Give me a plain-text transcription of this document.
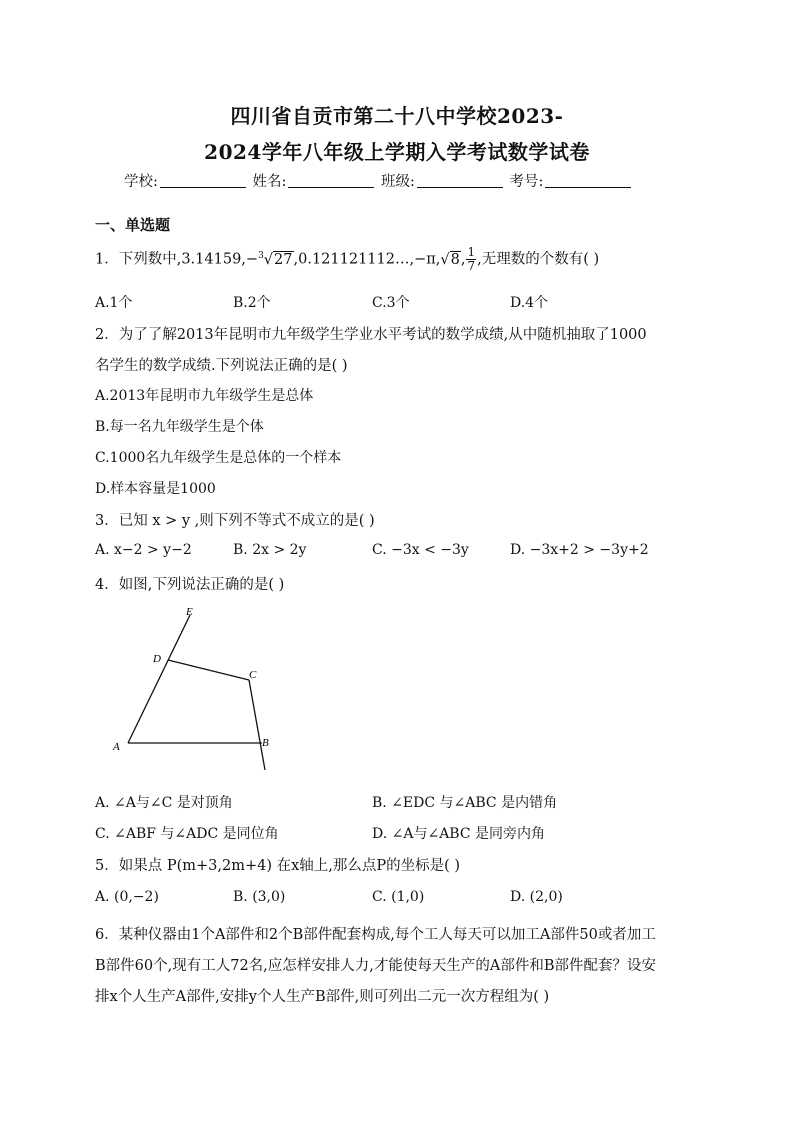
四川省自贡市第二十八中学校2023-
2024学年八年级上学期入学考试数学试卷
学校:	姓名:	班级:	考号:
一、单选题
1．下列数中,3.14159,−$^3$√27,0.121121112…,−π,√8, $\frac{1}{7}$ ,无理数的个数有( )
A.1个	B.2个	C.3个	D.4个
2．为了了解2013年昆明市九年级学生学业水平考试的数学成绩,从中随机抽取了1000
名学生的数学成绩.下列说法正确的是( )
A.2013年昆明市九年级学生是总体
B.每一名九年级学生是个体
C.1000名九年级学生是总体的一个样本
D.样本容量是1000
3．已知 x > y ,则下列不等式不成立的是( )
A. x−2 > y−2	B. 2x > 2y	C. −3x < −3y	D. −3x+2 > −3y+2
4．如图,下列说法正确的是( )
E
D
C
A	B
A. ∠A与∠C 是对顶角	B. ∠EDC 与∠ABC 是内错角
C. ∠ABF 与∠ADC 是同位角	D. ∠A与∠ABC 是同旁内角
5．如果点 P(m+3,2m+4) 在x轴上,那么点P的坐标是( )
A. (0,−2)	B. (3,0)	C. (1,0)	D. (2,0)
6．某种仪器由1个A部件和2个B部件配套构成,每个工人每天可以加工A部件50或者加工
B部件60个,现有工人72名,应怎样安排人力,才能使每天生产的A部件和B部件配套？设安
排x个人生产A部件,安排y个人生产B部件,则可列出二元一次方程组为( )
